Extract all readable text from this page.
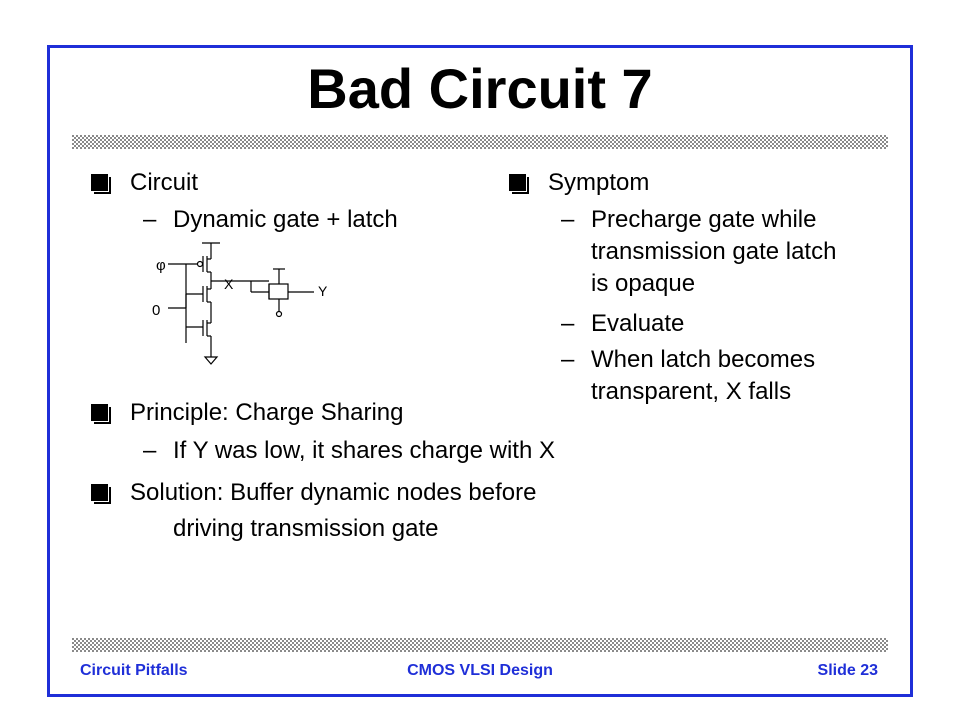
Bad Circuit 7
Circuit
– Dynamic gate + latch
φ
0
X	Y
Principle: Charge Sharing
– If Y was low, it shares charge with X
Solution: Buffer dynamic nodes before
driving transmission gate
Symptom
– Precharge gate while
transmission gate latch
is opaque
– Evaluate
– When latch becomes
transparent, X falls
Circuit Pitfalls	CMOS VLSI Design	Slide 23
